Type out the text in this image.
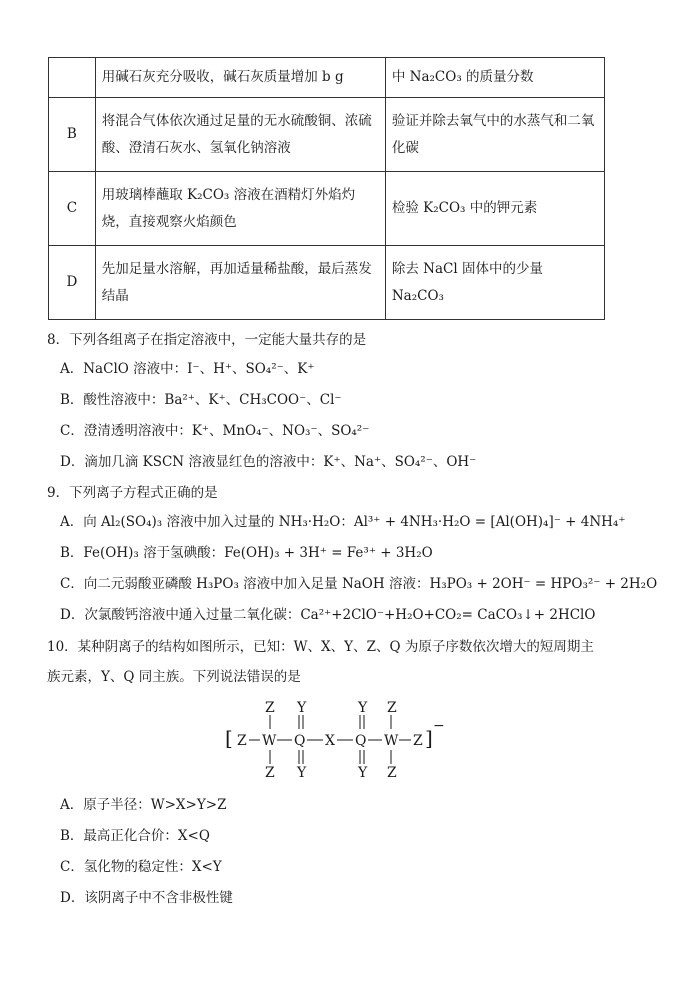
	用碱石灰充分吸收，碱石灰质量增加 b g	中 Na₂CO₃ 的质量分数
B	将混合气体依次通过足量的无水硫酸铜、浓硫酸、澄清石灰水、氢氧化钠溶液	验证并除去氧气中的水蒸气和二氧化碳
C	用玻璃棒蘸取 K₂CO₃ 溶液在酒精灯外焰灼烧，直接观察火焰颜色	检验 K₂CO₃ 中的钾元素
D	先加足量水溶解，再加适量稀盐酸，最后蒸发结晶	除去 NaCl 固体中的少量 Na₂CO₃
8．下列各组离子在指定溶液中，一定能大量共存的是
A．NaClO 溶液中：I⁻、H⁺、SO₄²⁻、K⁺
B．酸性溶液中：Ba²⁺、K⁺、CH₃COO⁻、Cl⁻
C．澄清透明溶液中：K⁺、MnO₄⁻、NO₃⁻、SO₄²⁻
D．滴加几滴 KSCN 溶液显红色的溶液中：K⁺、Na⁺、SO₄²⁻、OH⁻
9．下列离子方程式正确的是
A．向 Al₂(SO₄)₃ 溶液中加入过量的 NH₃·H₂O：Al³⁺ + 4NH₃·H₂O = [Al(OH)₄]⁻ + 4NH₄⁺
B．Fe(OH)₃ 溶于氢碘酸：Fe(OH)₃ + 3H⁺ = Fe³⁺ + 3H₂O
C．向二元弱酸亚磷酸 H₃PO₃ 溶液中加入足量 NaOH 溶液：H₃PO₃ + 2OH⁻ = HPO₃²⁻ + 2H₂O
D．次氯酸钙溶液中通入过量二氧化碳：Ca²⁺+2ClO⁻+H₂O+CO₂= CaCO₃↓+ 2HClO
10．某种阴离子的结构如图所示，已知：W、X、Y、Z、Q 为原子序数依次增大的短周期主族元素，Y、Q 同主族。下列说法错误的是
[	] −
Z W Q X Q W Z
Z Y	Y Z
Z Y	Y Z
A．原子半径：W>X>Y>Z
B．最高正化合价：X<Q
C．氢化物的稳定性：X<Y
D．该阴离子中不含非极性键
